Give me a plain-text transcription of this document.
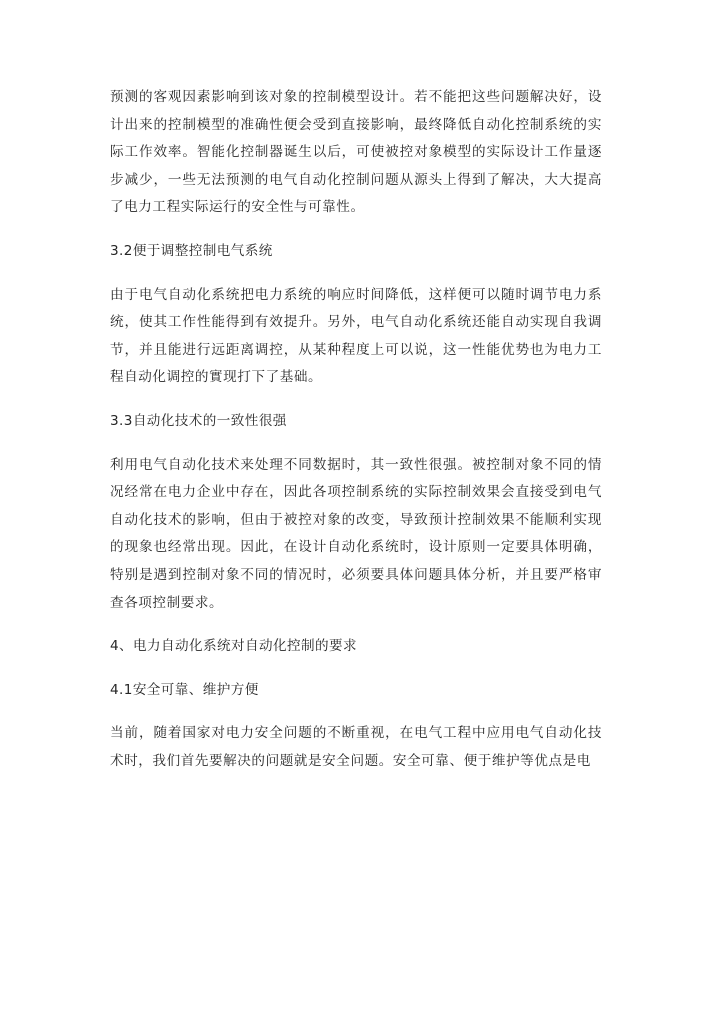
预测的客观因素影响到该对象的控制模型设计。若不能把这些问题解决好，设计出来的控制模型的准确性便会受到直接影响，最终降低自动化控制系统的实际工作效率。智能化控制器诞生以后，可使被控对象模型的实际设计工作量逐步减少，一些无法预测的电气自动化控制问题从源头上得到了解决，大大提高了电力工程实际运行的安全性与可靠性。

3.2便于调整控制电气系统

由于电气自动化系统把电力系统的响应时间降低，这样便可以随时调节电力系统，使其工作性能得到有效提升。另外，电气自动化系统还能自动实现自我调节，并且能进行远距离调控，从某种程度上可以说，这一性能优势也为电力工程自动化调控的實现打下了基础。

3.3自动化技术的一致性很强

利用电气自动化技术来处理不同数据时，其一致性很强。被控制对象不同的情况经常在电力企业中存在，因此各项控制系统的实际控制效果会直接受到电气自动化技术的影响，但由于被控对象的改变，导致预计控制效果不能顺利实现的现象也经常出现。因此，在设计自动化系统时，设计原则一定要具体明确，特别是遇到控制对象不同的情况时，必须要具体问题具体分析，并且要严格审查各项控制要求。

4、电力自动化系统对自动化控制的要求

4.1安全可靠、维护方便

当前，随着国家对电力安全问题的不断重视，在电气工程中应用电气自动化技术时，我们首先要解决的问题就是安全问题。安全可靠、便于维护等优点是电
